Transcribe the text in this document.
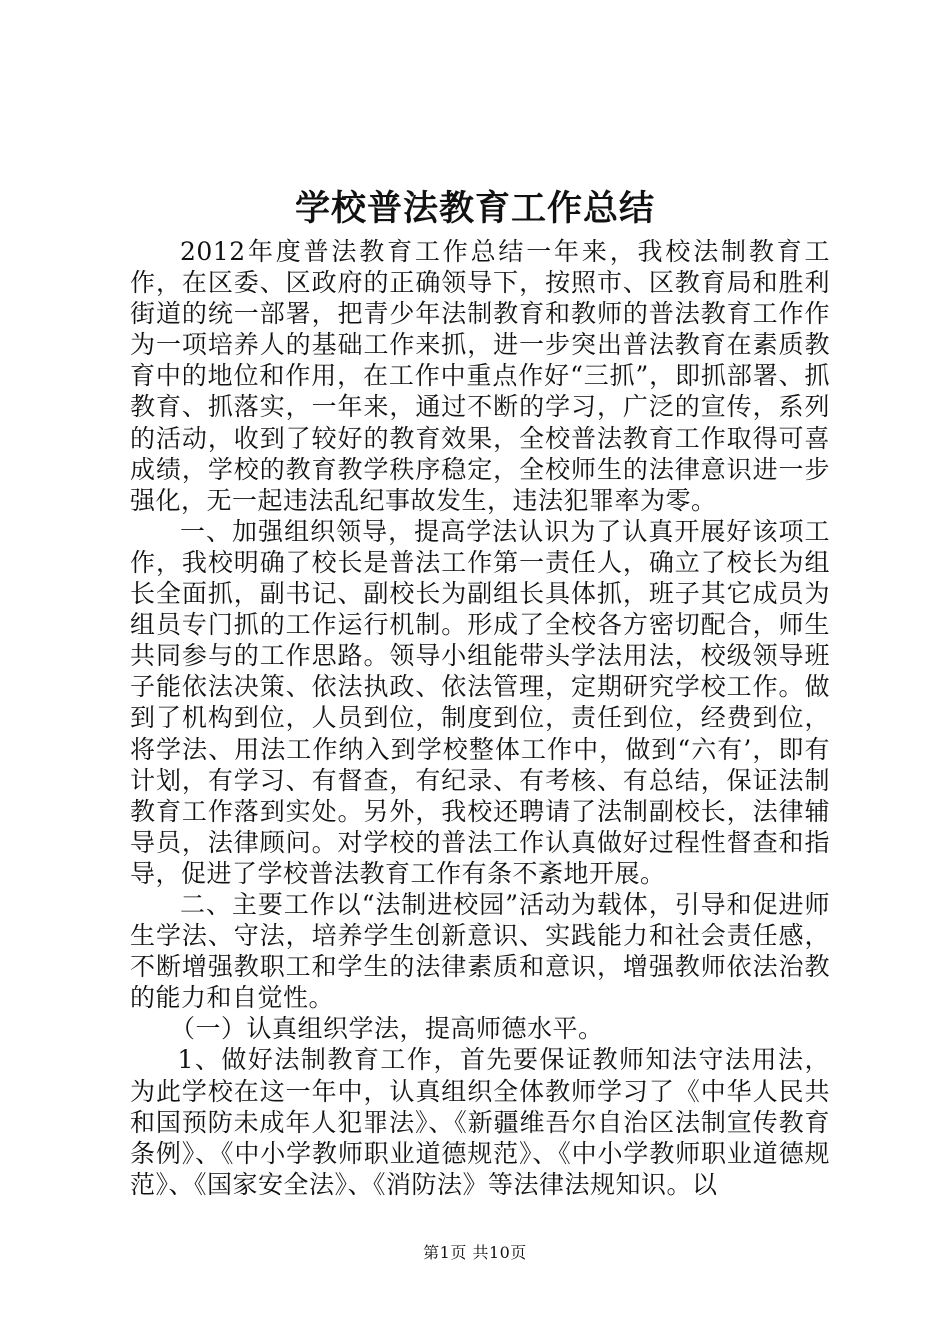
学校普法教育工作总结

2012年度普法教育工作总结一年来，我校法制教育工作，在区委、区政府的正确领导下，按照市、区教育局和胜利街道的统一部署，把青少年法制教育和教师的普法教育工作作为一项培养人的基础工作来抓，进一步突出普法教育在素质教育中的地位和作用，在工作中重点作好“三抓”，即抓部署、抓教育、抓落实，一年来，通过不断的学习，广泛的宣传，系列的活动，收到了较好的教育效果，全校普法教育工作取得可喜成绩，学校的教育教学秩序稳定，全校师生的法律意识进一步强化，无一起违法乱纪事故发生，违法犯罪率为零。

一、加强组织领导，提高学法认识为了认真开展好该项工作，我校明确了校长是普法工作第一责任人，确立了校长为组长全面抓，副书记、副校长为副组长具体抓，班子其它成员为组员专门抓的工作运行机制。形成了全校各方密切配合，师生共同参与的工作思路。领导小组能带头学法用法，校级领导班子能依法决策、依法执政、依法管理，定期研究学校工作。做到了机构到位，人员到位，制度到位，责任到位，经费到位，将学法、用法工作纳入到学校整体工作中，做到“六有’，即有计划，有学习、有督查，有纪录、有考核、有总结，保证法制教育工作落到实处。另外，我校还聘请了法制副校长，法律辅导员，法律顾问。对学校的普法工作认真做好过程性督查和指导，促进了学校普法教育工作有条不紊地开展。

二、主要工作以“法制进校园”活动为载体，引导和促进师生学法、守法，培养学生创新意识、实践能力和社会责任感，不断增强教职工和学生的法律素质和意识，增强教师依法治教的能力和自觉性。

（一）认真组织学法，提高师德水平。

1、做好法制教育工作，首先要保证教师知法守法用法，为此学校在这一年中，认真组织全体教师学习了《中华人民共和国预防未成年人犯罪法》、《新疆维吾尔自治区法制宣传教育条例》、《中小学教师职业道德规范》、《中小学教师职业道德规范》、《国家安全法》、《消防法》等法律法规知识。以

第1页 共10页
